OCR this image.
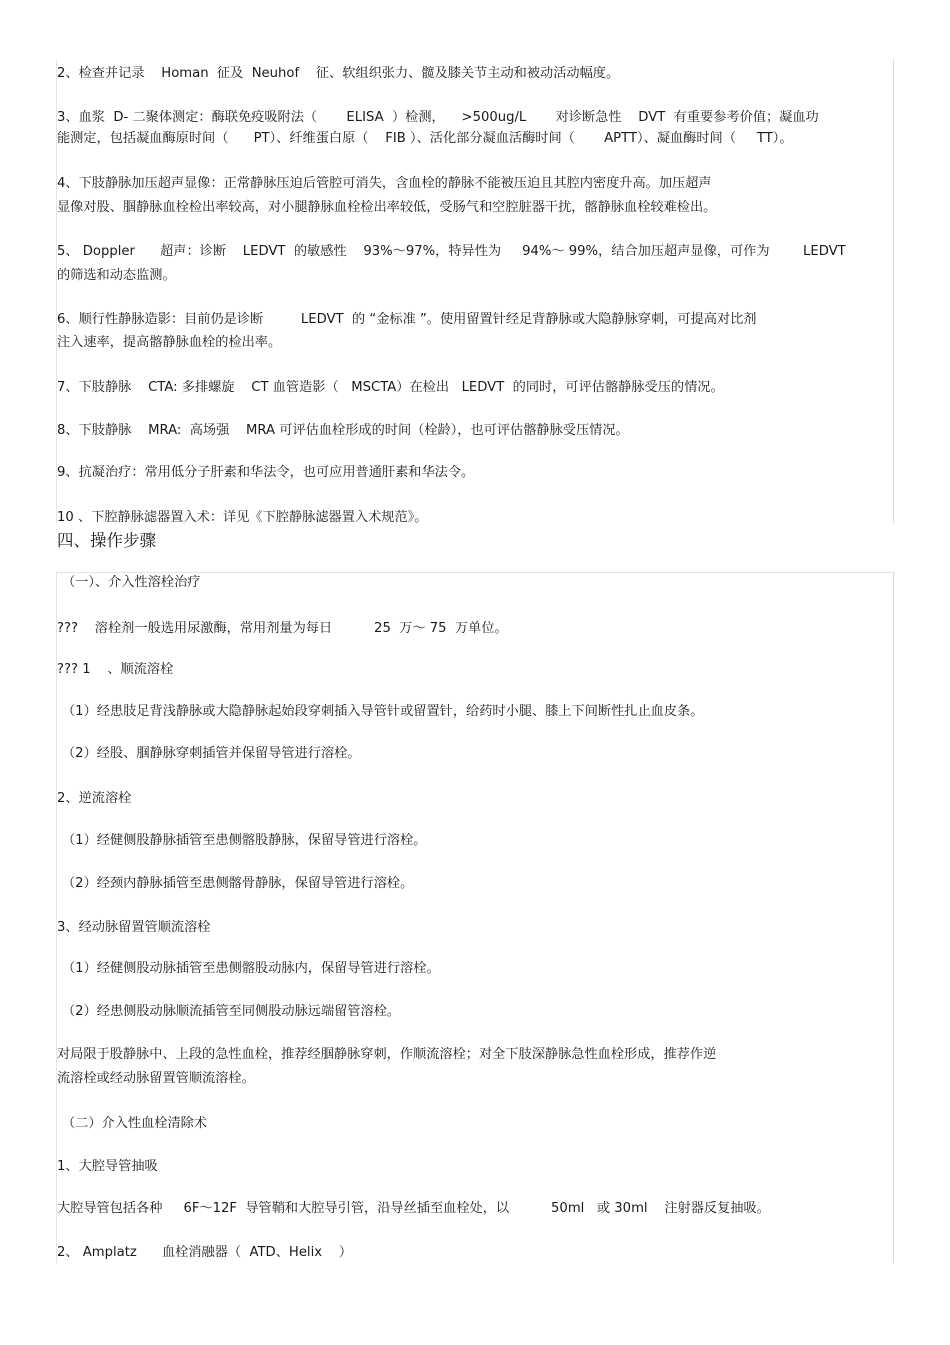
2、检查并记录    Homan  征及  Neuhof    征、软组织张力、髋及膝关节主动和被动活动幅度。
3、血浆  D- 二聚体测定：酶联免疫吸附法（       ELISA  ）检测，    >500ug/L       对诊断急性    DVT  有重要参考价值；凝血功
能测定，包括凝血酶原时间（      PT）、纤维蛋白原（    FIB ）、活化部分凝血活酶时间（       APTT）、凝血酶时间（     TT）。
4、下肢静脉加压超声显像：正常静脉压迫后管腔可消失，含血栓的静脉不能被压迫且其腔内密度升高。加压超声
显像对股、腘静脉血栓检出率较高，对小腿静脉血栓检出率较低，受肠气和空腔脏器干扰，髂静脉血栓较难检出。
5、 Doppler      超声：诊断    LEDVT  的敏感性    93%～97%，特异性为     94%～ 99%，结合加压超声显像，可作为        LEDVT
的筛选和动态监测。
6、顺行性静脉造影：目前仍是诊断         LEDVT  的 “金标准 ”。使用留置针经足背静脉或大隐静脉穿刺，可提高对比剂
注入速率，提高髂静脉血栓的检出率。
7、下肢静脉    CTA: 多排螺旋    CT 血管造影（   MSCTA）在检出   LEDVT  的同时，可评估髂静脉受压的情况。
8、下肢静脉    MRA:  高场强    MRA 可评估血栓形成的时间（栓龄），也可评估髂静脉受压情况。
9、抗凝治疗：常用低分子肝素和华法令，也可应用普通肝素和华法令。
10 、下腔静脉滤器置入术：详见《下腔静脉滤器置入术规范》。
四、操作步骤
（一）、介入性溶栓治疗
???    溶栓剂一般选用尿激酶，常用剂量为每日          25  万～ 75  万单位。
??? 1    、顺流溶栓
（1）经患肢足背浅静脉或大隐静脉起始段穿刺插入导管针或留置针，给药时小腿、膝上下间断性扎止血皮条。
（2）经股、腘静脉穿刺插管并保留导管进行溶栓。
2、逆流溶栓
（1）经健侧股静脉插管至患侧髂股静脉，保留导管进行溶栓。
（2）经颈内静脉插管至患侧髂骨静脉，保留导管进行溶栓。
3、经动脉留置管顺流溶栓
（1）经健侧股动脉插管至患侧髂股动脉内，保留导管进行溶栓。
（2）经患侧股动脉顺流插管至同侧股动脉远端留管溶栓。
对局限于股静脉中、上段的急性血栓，推荐经腘静脉穿刺，作顺流溶栓；对全下肢深静脉急性血栓形成，推荐作逆
流溶栓或经动脉留置管顺流溶栓。
（二）介入性血栓清除术
1、大腔导管抽吸
大腔导管包括各种     6F～12F  导管鞘和大腔导引管，沿导丝插至血栓处，以          50ml   或 30ml    注射器反复抽吸。
2、 Amplatz      血栓消融器（  ATD、Helix    ）
